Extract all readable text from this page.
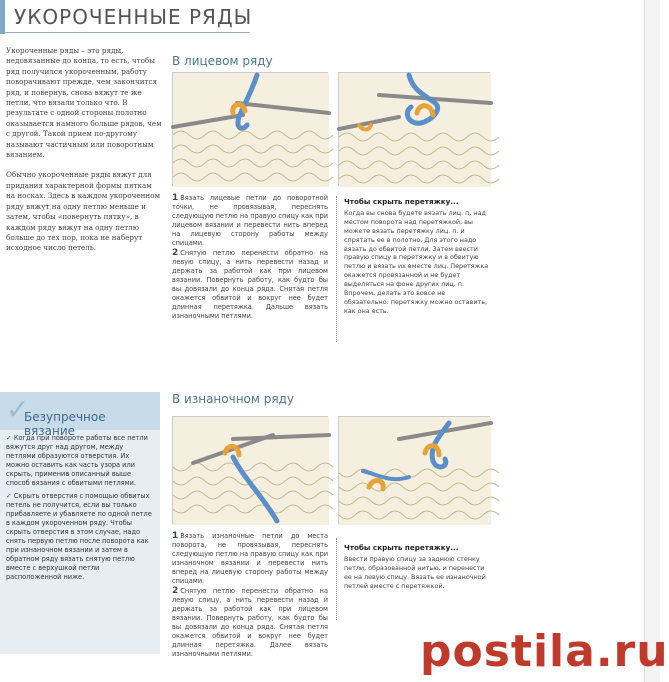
УКОРОЧЕННЫЕ РЯДЫ

Укороченные ряды – это ряды, недовязанные до конца, то есть, чтобы ряд получился укороченным, работу поворачивают прежде, чем закончится ряд, и повернув, снова вяжут те же петли, что вязали только что. В результате с одной стороны полотно оказывается намного больше рядов, чем с другой. Такой прием по-другому называют частичным или поворотным вязанием.

Обычно укороченные ряды вяжут для придания характерной формы пяткам на носках. Здесь в каждом укороченном ряду вяжут на одну петлю меньше и затем, чтобы «повернуть пятку», в каждом ряду вяжут на одну петлю больше до тех пор, пока не наберут исходное число петель.

В лицевом ряду

1 Вязать лицевые петли до поворотной точки, не провязывая, переснять следующую петлю на правую спицу как при лицевом вязании и перевести нить вперед на лицевую сторону работы между спицами.

2 Снятую петлю перенести обратно на левую спицу, а нить перевести назад и держать за работой как при лицевом вязании. Повернуть работу, как будто бы вы довязали до конца ряда. Снятая петля окажется обвитой и вокруг нее будет длинная перетяжка. Дальше вязать изнаночными петлями.

Чтобы скрыть перетяжку...

Когда вы снова будете вязать лиц. п. над местом поворота над перетяжкой, вы можете вязать перетяжку лиц. п. и спрятать ее в полотно. Для этого надо вязать до обвитой петли. Затем ввести правую спицу в перетяжку и в обвитую петлю и вязать их вместе лиц. Перетяжка окажется провязанной и не будет выделяться на фоне других лиц. п. Впрочем, делать это вовсе не обязательно: перетяжку можно оставить, как она есть.

✓
Безупречное вязание

✓ Когда при повороте работы все петли вяжутся друг над другом, между петлями образуются отверстия. Их можно оставить как часть узора или скрыть, применив описанный выше способ вязания с обвитыми петлями.

✓ Скрыть отверстия с помощью обвитых петель не получится, если вы только прибавляете и убавляете по одной петле в каждом укороченном ряду. Чтобы скрыть отверстия в этом случае, надо снять первую петлю после поворота как при изнаночном вязании и затем в обратном ряду вязать снятую петлю вместе с верхушкой петли расположенной ниже.

В изнаночном ряду

1 Вязать изнаночные петли до места поворота, не провязывая, переснять следующую петлю на правую спицу как при изнаночном вязании и перевести нить вперед на лицевую сторону работы между спицами.

2 Снятую петлю перенести обратно на левую спицу, а нить перевести назад и держать за работой как при лицевом вязании. Повернуть работу, как будто бы вы довязали до конца ряда. Снятая петля окажется обвитой и вокруг нее будет длинная перетяжка. Далее вязать изнаночными петлями.

Чтобы скрыть перетяжку...

Ввести правую спицу за заднюю стенку петли, образованной нитью, и перенести ее на левую спицу. Вязать ее изнаночной петлей вместе с перетяжкой.

postila.ru
